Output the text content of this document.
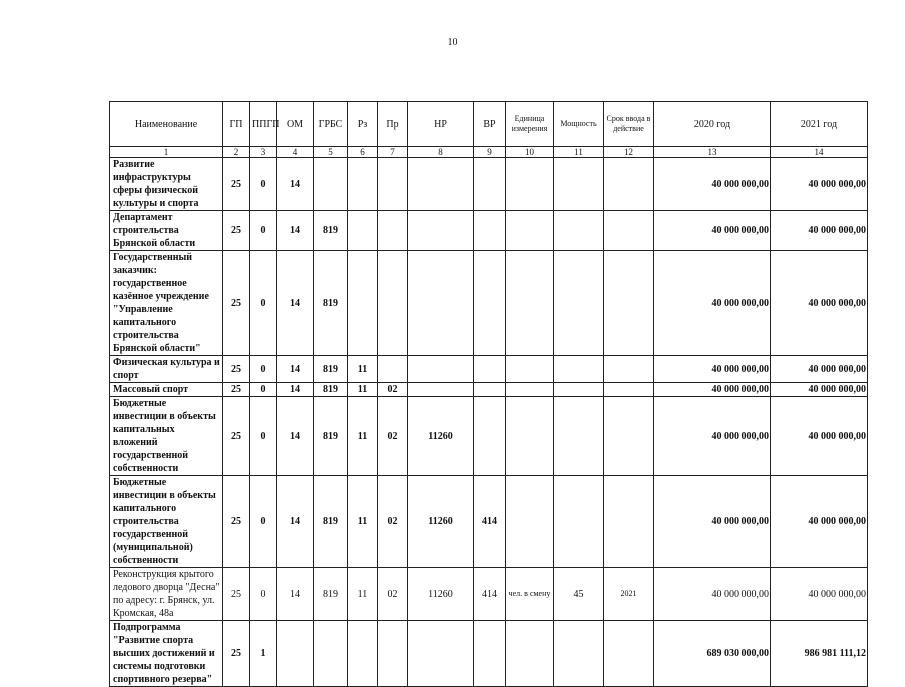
10
Наименование	ГП	ППГП	ОМ	ГРБС	Рз	Пр	НР	ВР	Единица измерения	Мощность	Срок ввода в действие	2020 год	2021 год
1	2	3	4	5	6	7	8	9	10	11	12	13	14
Развитие инфраструктуры сферы физической культуры и спорта	25	0	14									40 000 000,00	40 000 000,00
Департамент строительства Брянской области	25	0	14	819								40 000 000,00	40 000 000,00
Государственный заказчик: государственное казённое учреждение "Управление капитального строительства Брянской области"	25	0	14	819								40 000 000,00	40 000 000,00
Физическая культура и спорт	25	0	14	819	11							40 000 000,00	40 000 000,00
Массовый спорт	25	0	14	819	11	02						40 000 000,00	40 000 000,00
Бюджетные инвестиции в объекты капитальных вложений государственной собственности	25	0	14	819	11	02	11260					40 000 000,00	40 000 000,00
Бюджетные инвестиции в объекты капитального строительства государственной (муниципальной) собственности	25	0	14	819	11	02	11260	414				40 000 000,00	40 000 000,00
Реконструкция крытого ледового дворца "Десна" по адресу: г. Брянск, ул. Кромская, 48а	25	0	14	819	11	02	11260	414	чел. в смену	45	2021	40 000 000,00	40 000 000,00
Подпрограмма "Развитие спорта высших достижений и системы подготовки спортивного резерва"	25	1										689 030 000,00	986 981 111,12
